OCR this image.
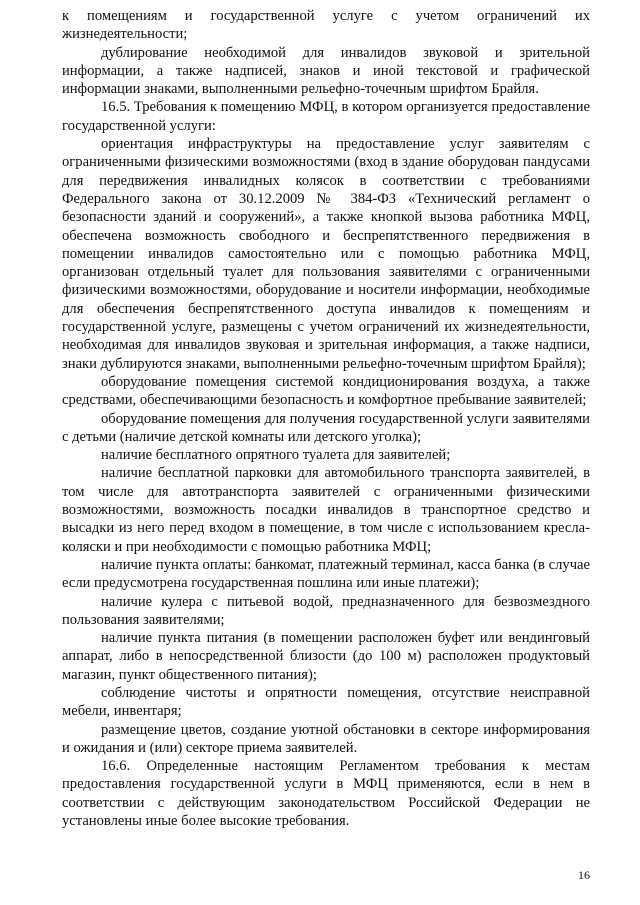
к помещениям и государственной услуге с учетом ограничений их жизнедеятельности;

дублирование необходимой для инвалидов звуковой и зрительной информации, а также надписей, знаков и иной текстовой и графической информации знаками, выполненными рельефно-точечным шрифтом Брайля.

16.5. Требования к помещению МФЦ, в котором организуется предоставление государственной услуги:

ориентация инфраструктуры на предоставление услуг заявителям с ограниченными физическими возможностями (вход в здание оборудован пандусами для передвижения инвалидных колясок в соответствии с требованиями Федерального закона от 30.12.2009 № 384-ФЗ «Технический регламент о безопасности зданий и сооружений», а также кнопкой вызова работника МФЦ, обеспечена возможность свободного и беспрепятственного передвижения в помещении инвалидов самостоятельно или с помощью работника МФЦ, организован отдельный туалет для пользования заявителями с ограниченными физическими возможностями, оборудование и носители информации, необходимые для обеспечения беспрепятственного доступа инвалидов к помещениям и государственной услуге, размещены с учетом ограничений их жизнедеятельности, необходимая для инвалидов звуковая и зрительная информация, а также надписи, знаки дублируются знаками, выполненными рельефно-точечным шрифтом Брайля);

оборудование помещения системой кондиционирования воздуха, а также средствами, обеспечивающими безопасность и комфортное пребывание заявителей;

оборудование помещения для получения государственной услуги заявителями с детьми (наличие детской комнаты или детского уголка);

наличие бесплатного опрятного туалета для заявителей;

наличие бесплатной парковки для автомобильного транспорта заявителей, в том числе для автотранспорта заявителей с ограниченными физическими возможностями, возможность посадки инвалидов в транспортное средство и высадки из него перед входом в помещение, в том числе с использованием кресла-коляски и при необходимости с помощью работника МФЦ;

наличие пункта оплаты: банкомат, платежный терминал, касса банка (в случае если предусмотрена государственная пошлина или иные платежи);

наличие кулера с питьевой водой, предназначенного для безвозмездного пользования заявителями;

наличие пункта питания (в помещении расположен буфет или вендинговый аппарат, либо в непосредственной близости (до 100 м) расположен продуктовый магазин, пункт общественного питания);

соблюдение чистоты и опрятности помещения, отсутствие неисправной мебели, инвентаря;

размещение цветов, создание уютной обстановки в секторе информирования и ожидания и (или) секторе приема заявителей.

16.6. Определенные настоящим Регламентом требования к местам предоставления государственной услуги в МФЦ применяются, если в нем в соответствии с действующим законодательством Российской Федерации не установлены иные более высокие требования.

16
